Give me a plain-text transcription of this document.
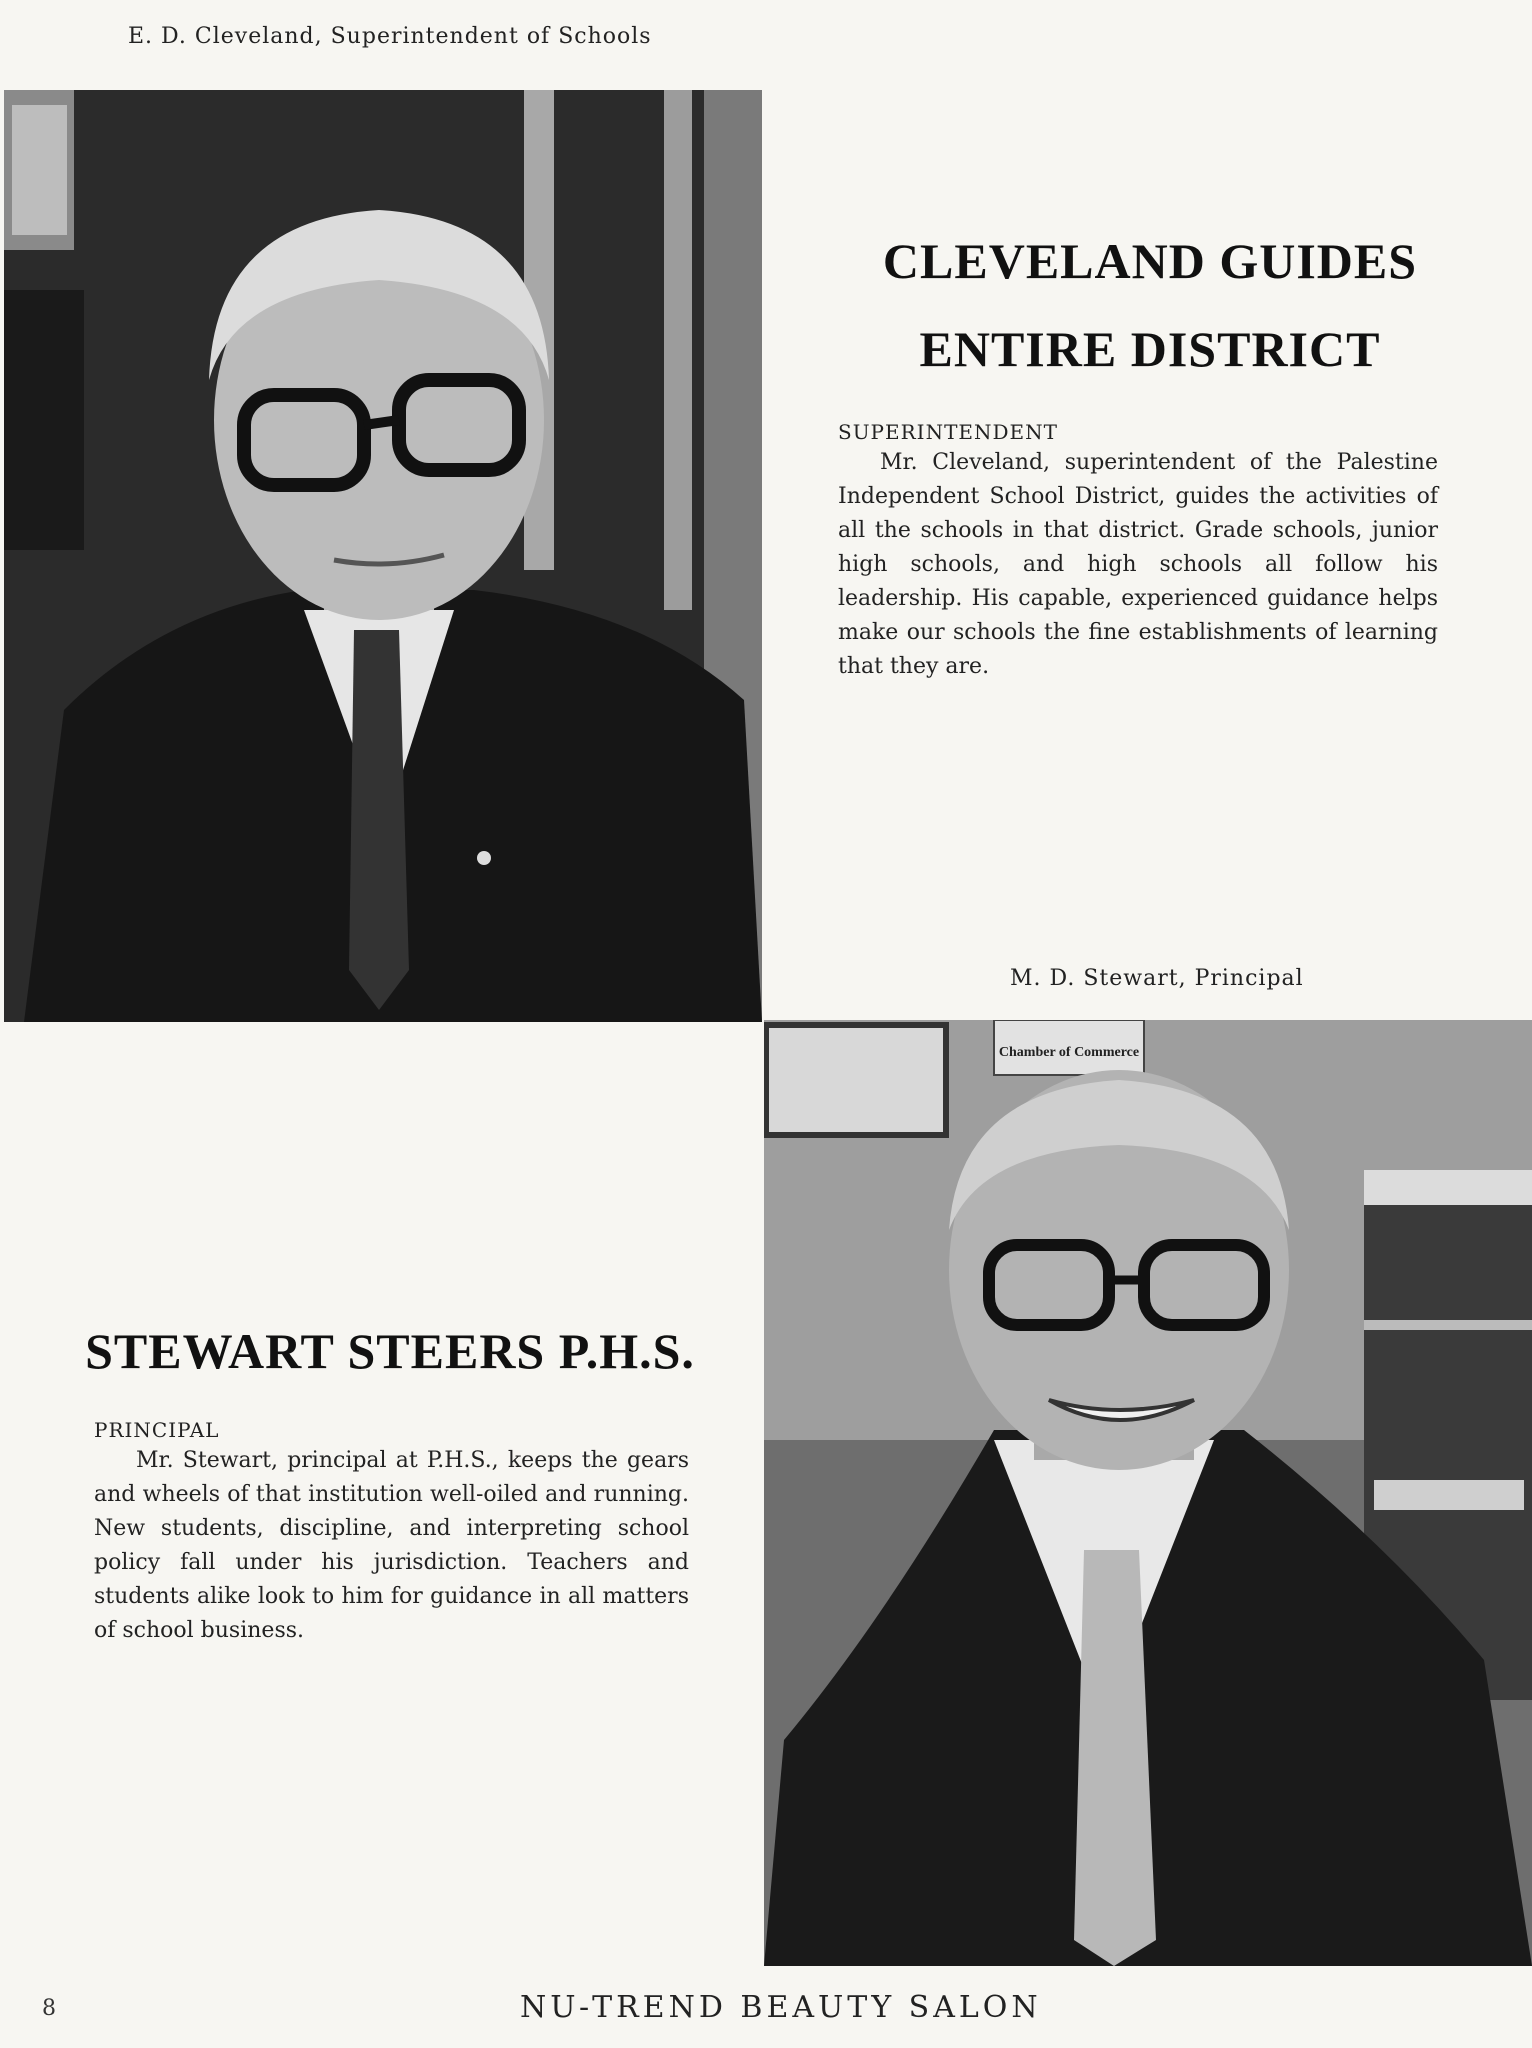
E. D. Cleveland, Superintendent of Schools
CLEVELAND GUIDES
ENTIRE DISTRICT
SUPERINTENDENT
Mr. Cleveland, superintendent of the Palestine Independent School District, guides the activities of all the schools in that district. Grade schools, junior high schools, and high schools all follow his leadership. His capable, experienced guidance helps make our schools the fine establishments of learning that they are.
M. D. Stewart, Principal
STEWART STEERS P.H.S.
PRINCIPAL
Mr. Stewart, principal at P.H.S., keeps the gears and wheels of that institution well-oiled and running. New students, discipline, and interpreting school policy fall under his jurisdiction. Teachers and students alike look to him for guidance in all matters of school business.
Chamber of Commerce
8	NU-TREND BEAUTY SALON
